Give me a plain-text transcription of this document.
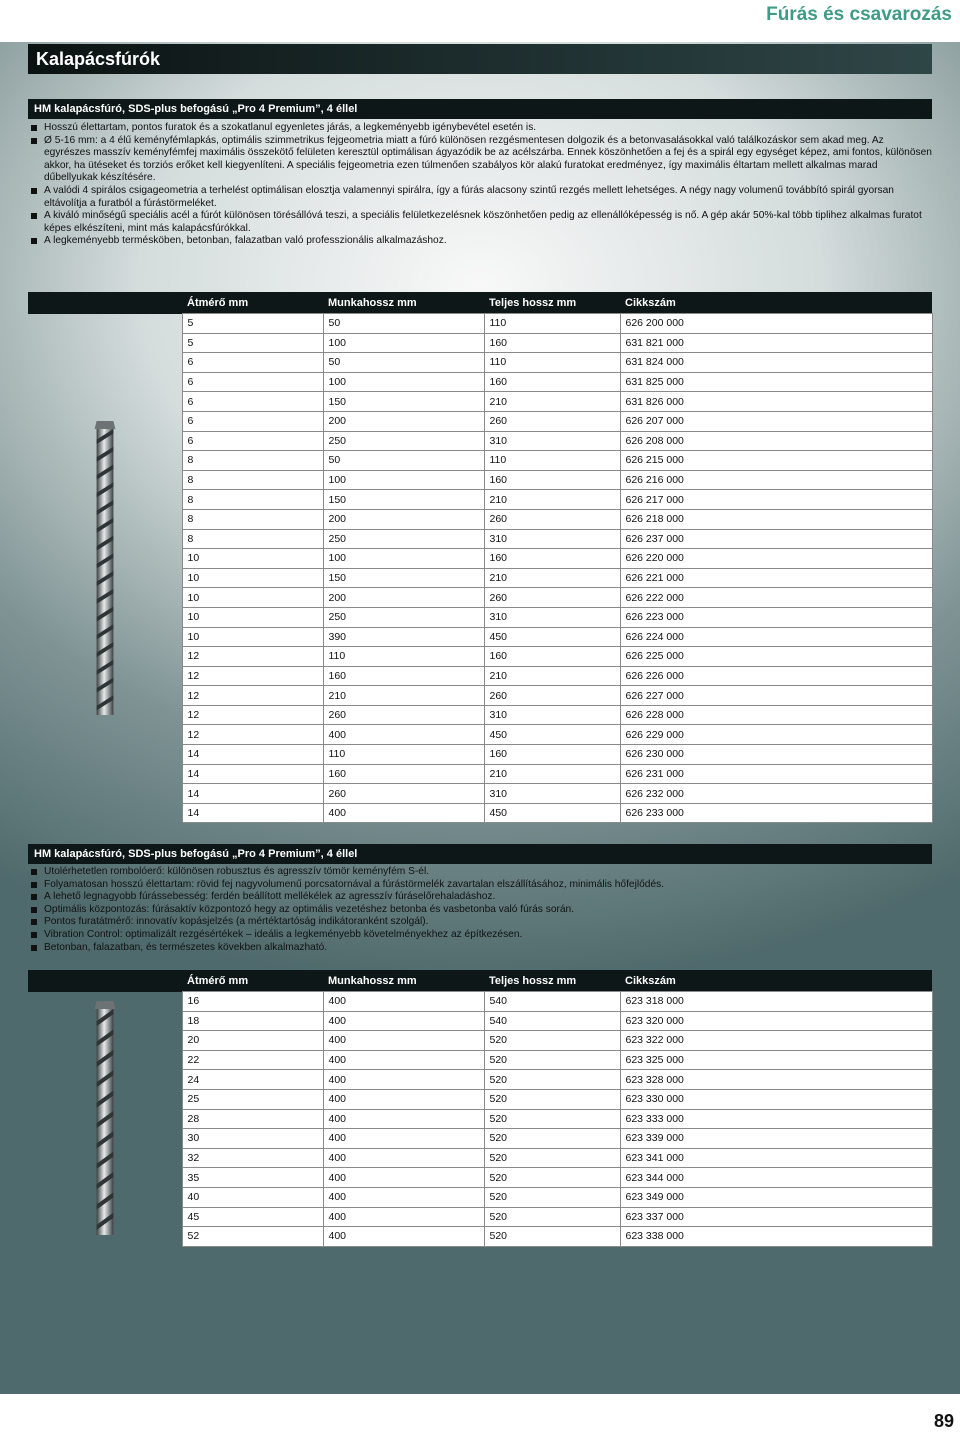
Fúrás és csavarozás
Kalapácsfúrók
HM kalapácsfúró, SDS-plus befogású „Pro 4 Premium”, 4 éllel
Hosszú élettartam, pontos furatok és a szokatlanul egyenletes járás, a legkeményebb igénybevétel esetén is.
Ø 5-16 mm: a 4 élű keményfémlapkás, optimális szimmetrikus fejgeometria miatt a fúró különösen rezgésmentesen dolgozik és a betonvasalásokkal való találkozáskor sem akad meg. Az egyrészes masszív keményfémfej maximális összekötő felületen keresztül optimálisan ágyazódik be az acélszárba. Ennek köszönhetően a fej és a spirál egy egységet képez, ami fontos, különösen akkor, ha ütéseket és torziós erőket kell kiegyenlíteni. A speciális fejgeometria ezen túlmenően szabályos kör alakú furatokat eredményez, így maximális éltartam mellett alkalmas marad dűbellyukak készítésére.
A valódi 4 spirálos csigageometria a terhelést optimálisan elosztja valamennyi spirálra, így a fúrás alacsony szintű rezgés mellett lehetséges. A négy nagy volumenű továbbító spirál gyorsan eltávolítja a furatból a fúrástörmeléket.
A kiváló minőségű speciális acél a fúrót különösen törésállóvá teszi, a speciális felületkezelésnek köszönhetően pedig az ellenállóképesség is nő. A gép akár 50%-kal több tiplihez alkalmas furatot képes elkészíteni, mint más kalapácsfúrókkal.
A legkeményebb termésköben, betonban, falazatban való professzionális alkalmazáshoz.
	Átmérő mm	Munkahossz mm	Teljes hossz mm	Cikkszám
	5	50	110	626 200 000
	5	100	160	631 821 000
	6	50	110	631 824 000
	6	100	160	631 825 000
	6	150	210	631 826 000
	6	200	260	626 207 000
	6	250	310	626 208 000
	8	50	110	626 215 000
	8	100	160	626 216 000
	8	150	210	626 217 000
	8	200	260	626 218 000
	8	250	310	626 237 000
	10	100	160	626 220 000
	10	150	210	626 221 000
	10	200	260	626 222 000
	10	250	310	626 223 000
	10	390	450	626 224 000
	12	110	160	626 225 000
	12	160	210	626 226 000
	12	210	260	626 227 000
	12	260	310	626 228 000
	12	400	450	626 229 000
	14	110	160	626 230 000
	14	160	210	626 231 000
	14	260	310	626 232 000
	14	400	450	626 233 000
HM kalapácsfúró, SDS-plus befogású „Pro 4 Premium”, 4 éllel
Utolérhetetlen rombolóerő: különösen robusztus és agresszív tömör keményfém S-él.
Folyamatosan hosszú élettartam: rövid fej nagyvolumenű porcsatornával a fúrástörmelék zavartalan elszállításához, minimális hőfejlődés.
A lehető legnagyobb fúrássebesség: ferdén beállított mellékélek az agresszív fúráselőrehaladáshoz.
Optimális központozás: fúrásaktív központozó hegy az optimális vezetéshez betonba és vasbetonba való fúrás során.
Pontos furatátmérő: innovatív kopásjelzés (a mértéktartóság indikátoranként szolgál).
Vibration Control: optimalizált rezgésértékek – ideális a legkeményebb követelményekhez az építkezésen.
Betonban, falazatban, és természetes kövekben alkalmazható.
	Átmérő mm	Munkahossz mm	Teljes hossz mm	Cikkszám
	16	400	540	623 318 000
	18	400	540	623 320 000
	20	400	520	623 322 000
	22	400	520	623 325 000
	24	400	520	623 328 000
	25	400	520	623 330 000
	28	400	520	623 333 000
	30	400	520	623 339 000
	32	400	520	623 341 000
	35	400	520	623 344 000
	40	400	520	623 349 000
	45	400	520	623 337 000
	52	400	520	623 338 000
89
